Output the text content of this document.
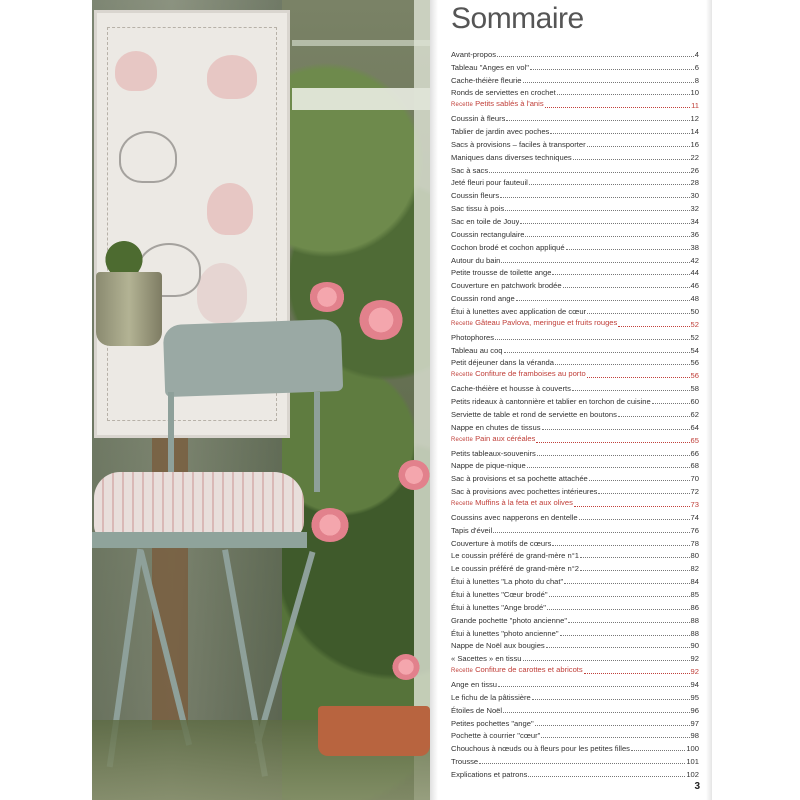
Sommaire
Avant-propos	4
Tableau "Anges en vol"	6
Cache-théière fleurie	8
Ronds de serviettes en crochet	10
Recette Petits sablés à l'anis	11
Coussin à fleurs	12
Tablier de jardin avec poches	14
Sacs à provisions – faciles à transporter	16
Maniques dans diverses techniques	22
Sac à sacs	26
Jeté fleuri pour fauteuil	28
Coussin fleurs	30
Sac tissu à pois	32
Sac en toile de Jouy	34
Coussin rectangulaire	36
Cochon brodé et cochon appliqué	38
Autour du bain	42
Petite trousse de toilette ange	44
Couverture en patchwork brodée	46
Coussin rond ange	48
Étui à lunettes avec application de cœur	50
Recette Gâteau Pavlova, meringue et fruits rouges	52
Photophores	52
Tableau au coq	54
Petit déjeuner dans la véranda	56
Recette Confiture de framboises au porto	56
Cache-théière et housse à couverts	58
Petits rideaux à cantonnière et tablier en torchon de cuisine	60
Serviette de table et rond de serviette en boutons	62
Nappe en chutes de tissus	64
Recette Pain aux céréales	65
Petits tableaux-souvenirs	66
Nappe de pique-nique	68
Sac à provisions et sa pochette attachée	70
Sac à provisions avec pochettes intérieures	72
Recette Muffins à la feta et aux olives	73
Coussins avec napperons en dentelle	74
Tapis d'éveil	76
Couverture à motifs de cœurs	78
Le coussin préféré de grand-mère n°1	80
Le coussin préféré de grand-mère n°2	82
Étui à lunettes "La photo du chat"	84
Étui à lunettes "Cœur brodé"	85
Étui à lunettes "Ange brodé"	86
Grande pochette "photo ancienne"	88
Étui à lunettes "photo ancienne"	88
Nappe de Noël aux bougies	90
« Sacettes » en tissu	92
Recette Confiture de carottes et abricots	92
Ange en tissu	94
Le fichu de la pâtissière	95
Étoiles de Noël	96
Petites pochettes "ange"	97
Pochette à courrier "cœur"	98
Chouchous à nœuds ou à fleurs pour les petites filles	100
Trousse	101
Explications et patrons	102
3
